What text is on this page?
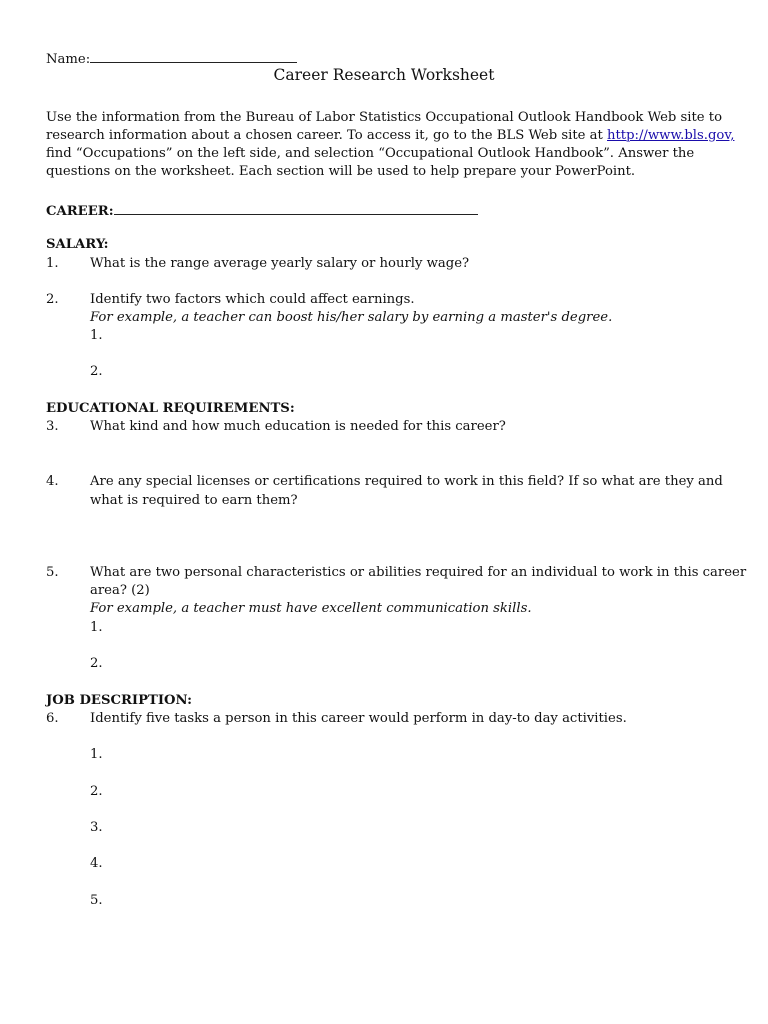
Name:
Career Research Worksheet
Use the information from the Bureau of Labor Statistics Occupational Outlook Handbook Web site to
research information about a chosen career. To access it, go to the BLS Web site at http://www.bls.gov,
find “Occupations” on the left side, and selection “Occupational Outlook Handbook”. Answer the
questions on the worksheet. Each section will be used to help prepare your PowerPoint.
CAREER:
SALARY:
1. What is the range average yearly salary or hourly wage?
2. Identify two factors which could affect earnings.
For example, a teacher can boost his/her salary by earning a master's degree.
1.
2.
EDUCATIONAL REQUIREMENTS:
3. What kind and how much education is needed for this career?
4. Are any special licenses or certifications required to work in this field? If so what are they and
what is required to earn them?
5. What are two personal characteristics or abilities required for an individual to work in this career
area? (2)
For example, a teacher must have excellent communication skills.
1.
2.
JOB DESCRIPTION:
6. Identify five tasks a person in this career would perform in day-to day activities.
1.
2.
3.
4.
5.
